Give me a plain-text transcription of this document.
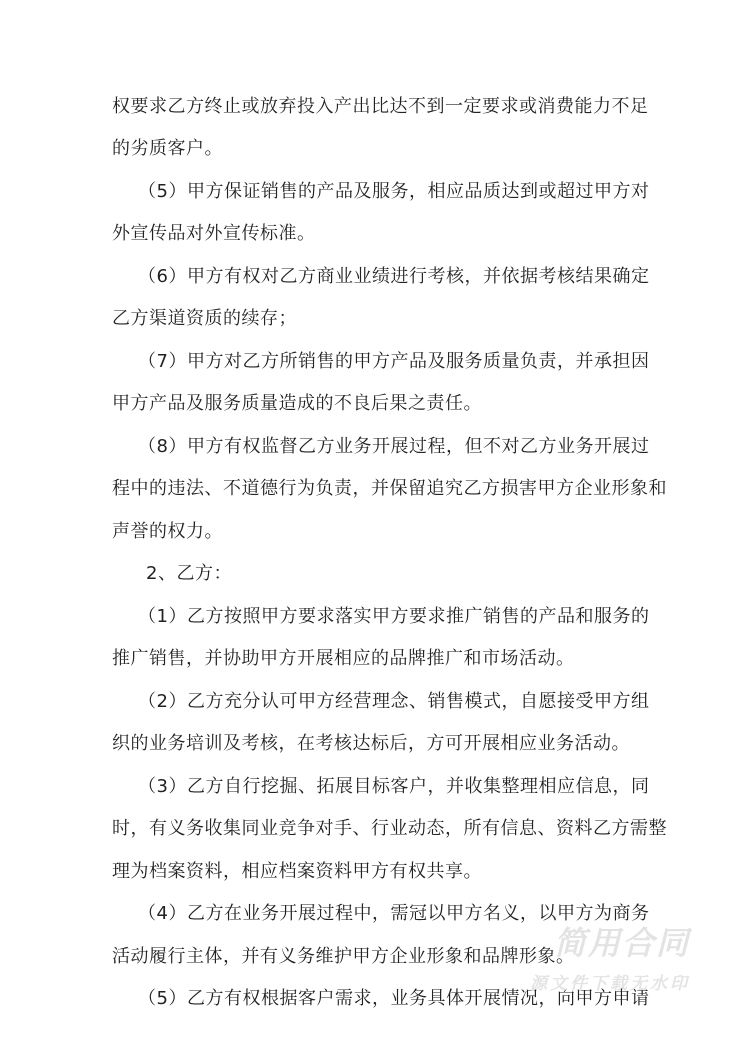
权要求乙方终止或放弃投入产出比达不到一定要求或消费能力不足
的劣质客户。
（5）甲方保证销售的产品及服务，相应品质达到或超过甲方对
外宣传品对外宣传标准。
（6）甲方有权对乙方商业业绩进行考核，并依据考核结果确定
乙方渠道资质的续存；
（7）甲方对乙方所销售的甲方产品及服务质量负责，并承担因
甲方产品及服务质量造成的不良后果之责任。
（8）甲方有权监督乙方业务开展过程，但不对乙方业务开展过
程中的违法、不道德行为负责，并保留追究乙方损害甲方企业形象和
声誉的权力。
2、乙方：
（1）乙方按照甲方要求落实甲方要求推广销售的产品和服务的
推广销售，并协助甲方开展相应的品牌推广和市场活动。
（2）乙方充分认可甲方经营理念、销售模式，自愿接受甲方组
织的业务培训及考核，在考核达标后，方可开展相应业务活动。
（3）乙方自行挖掘、拓展目标客户，并收集整理相应信息，同
时，有义务收集同业竞争对手、行业动态，所有信息、资料乙方需整
理为档案资料，相应档案资料甲方有权共享。
（4）乙方在业务开展过程中，需冠以甲方名义，以甲方为商务
活动履行主体，并有义务维护甲方企业形象和品牌形象。
（5）乙方有权根据客户需求，业务具体开展情况，向甲方申请
简用合同
源文件下载无水印
